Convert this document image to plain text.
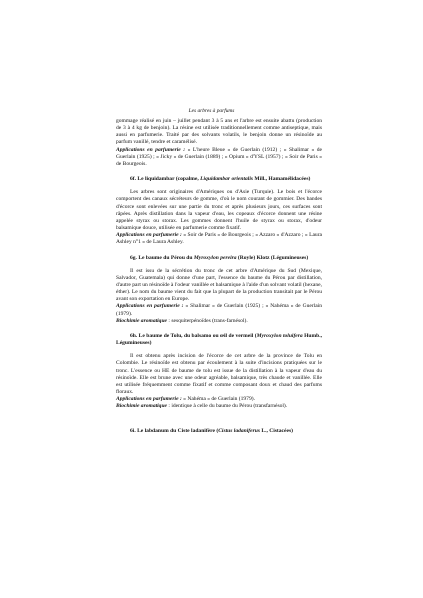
Les arbres à parfums

gommage réalisé en juin – juillet pendant 3 à 5 ans et l'arbre est ensuite abattu (production de 3 à 4 kg de benjoin). La résine est utilisée traditionnellement comme antiseptique, mais aussi en parfumerie. Traité par des solvants volatils, le benjoin donne un résinoïde au parfum vanillé, tendre et caramélisé.

Applications en parfumerie : « L'heure Bleue » de Guerlain (1912) ; « Shalimar » de Guerlain (1925) ; « Jicky » de Guerlain (1889) ; « Opium » d'YSL (1957) ; « Soir de Paris » de Bourgeois.

6f. Le liquidambar (copalme, Liquidambar orientalis Mill., Hamamélidacées)

Les arbres sont originaires d'Amériques ou d'Asie (Turquie). Le bois et l'écorce comportent des canaux sécréteurs de gomme, d'où le nom courant de gommier. Des bandes d'écorce sont enlevées sur une partie du tronc et après plusieurs jours, ces surfaces sont râpées. Après distillation dans la vapeur d'eau, les copeaux d'écorce donnent une résine appelée styrax ou storax. Les gommes donnent l'huile de styrax ou storax, d'odeur balsamique douce, utilisée en parfumerie comme fixatif.

Applications en parfumerie : « Soir de Paris » de Bourgeois ; « Azzaro » d'Azzaro ; « Laura Ashley n°1 » de Laura Ashley.

6g. Le baume du Pérou du Myroxylon pereira (Royle) Klotz (Légumineuses)

Il est issu de la sécrétion du tronc de cet arbre d'Amérique du Sud (Mexique, Salvador, Guatemala) qui donne d'une part, l'essence du baume du Pérou par distillation, d'autre part un résinoïde à l'odeur vanillée et balsamique à l'aide d'un solvant volatil (hexane, éther). Le nom du baume vient du fait que la plupart de la production transitait par le Pérou avant son exportation en Europe.

Applications en parfumerie : « Shalimar » de Guerlain (1925) ; « Nahéma » de Guerlain (1979).

Biochimie aromatique : sesquiterpénoïdes (trans-farnésol).

6h. Le baume de Tolu, du balsamo ou œil de vermeil (Myroxylon toluifera Humb., Légumineuses)

Il est obtenu après incision de l'écorce de cet arbre de la province de Tolu en Colombie. Le résinoïde est obtenu par écoulement à la suite d'incisions pratiquées sur le tronc. L'essence ou HE de baume de tolu est issue de la distillation à la vapeur d'eau du résinoïde. Elle est brune avec une odeur agréable, balsamique, très chaude et vanillée. Elle est utilisée fréquemment comme fixatif et comme composant doux et chaud des parfums floraux.

Applications en parfumerie : « Nahéma » de Guerlain (1979).

Biochimie aromatique : identique à celle du baume du Pérou (transfarnésol).

6i. Le labdanum du Ciste ladanifère (Cistus ladaniferus L., Cistacées)
